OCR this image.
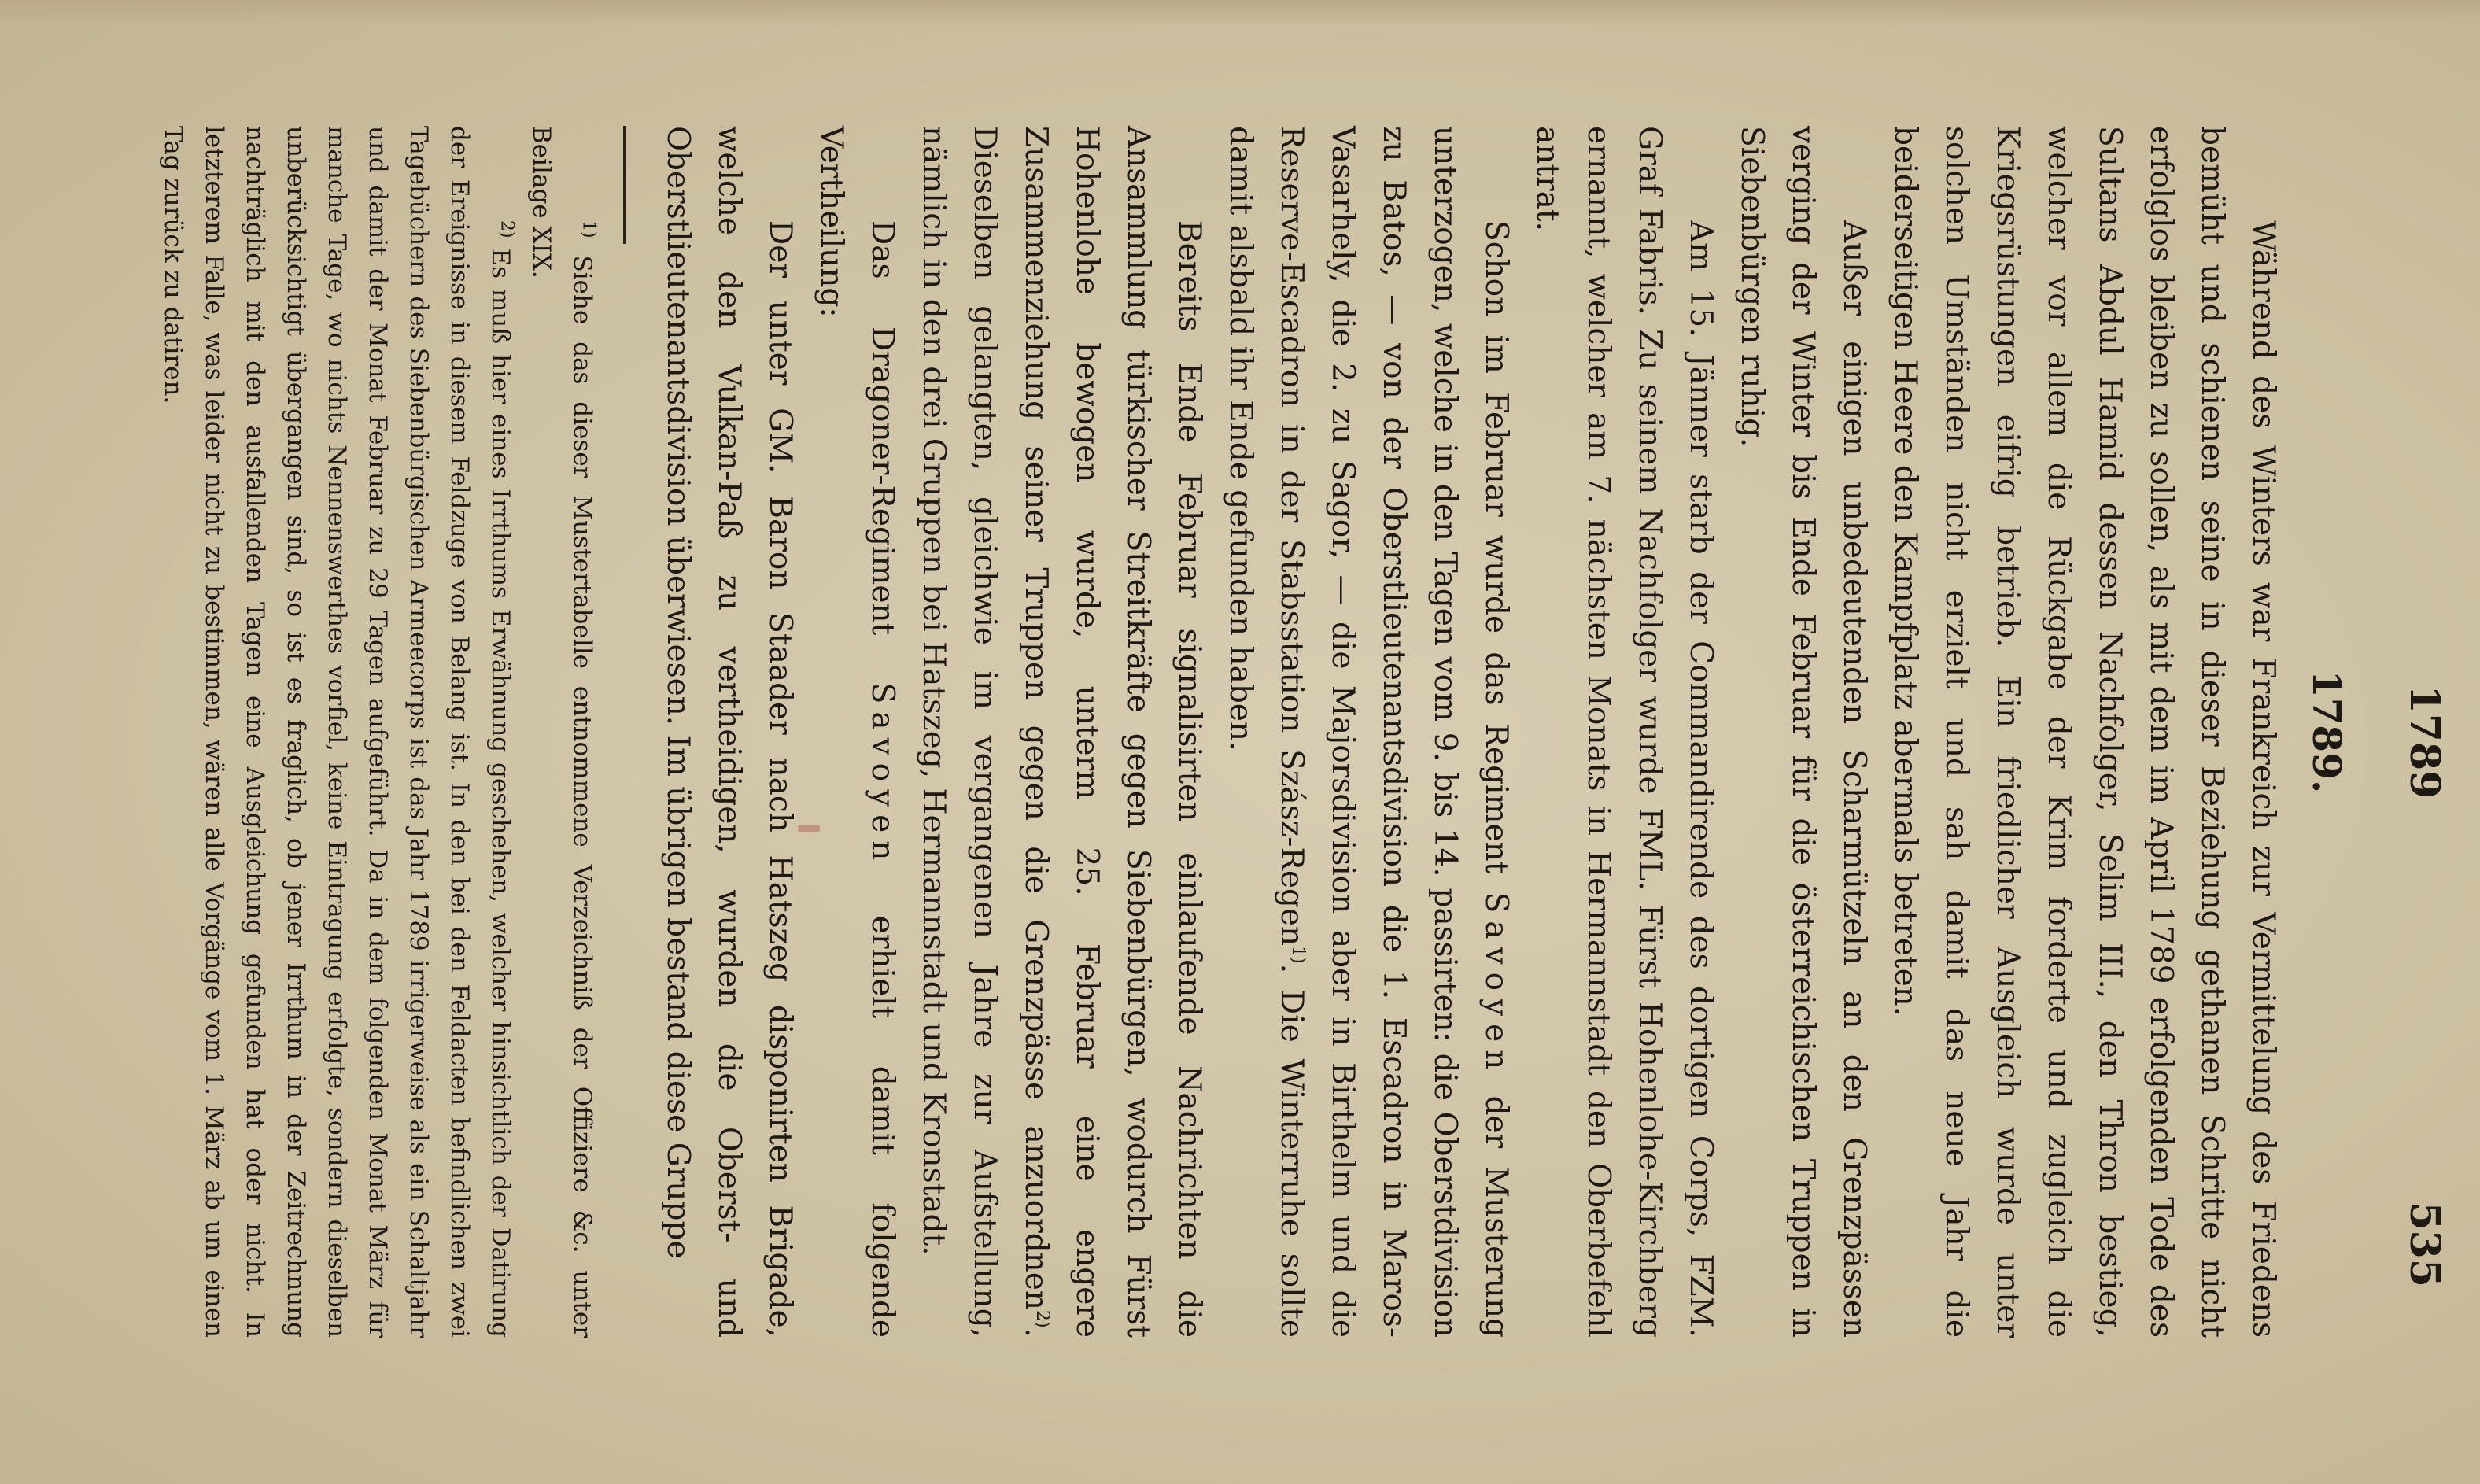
1789
535
1789.

Während des Winters war Frankreich zur Vermittelung des Friedens bemüht und schienen seine in dieser Beziehung gethanen Schritte nicht erfolglos bleiben zu sollen, als mit dem im April 1789 erfolgenden Tode des Sultans Abdul Hamid dessen Nachfolger, Selim III., den Thron bestieg, welcher vor allem die Rückgabe der Krim forderte und zugleich die Kriegsrüstungen eifrig betrieb. Ein friedlicher Ausgleich wurde unter solchen Umständen nicht erzielt und sah damit das neue Jahr die beiderseitigen Heere den Kampfplatz abermals betreten.

Außer einigen unbedeutenden Scharmützeln an den Grenzpässen verging der Winter bis Ende Februar für die österreichischen Truppen in Siebenbürgen ruhig.

Am 15. Jänner starb der Commandirende des dortigen Corps, FZM. Graf Fabris. Zu seinem Nachfolger wurde FML. Fürst Hohenlohe-Kirchberg ernannt, welcher am 7. nächsten Monats in Hermannstadt den Oberbefehl antrat.

Schon im Februar wurde das Regiment Savoyen der Musterung unterzogen, welche in den Tagen vom 9. bis 14. passirten: die Oberstdivision zu Batos, — von der Oberstlieutenantsdivision die 1. Escadron in Maros-Vasarhely, die 2. zu Sagor, — die Majorsdivision aber in Birthelm und die Reserve-Escadron in der Stabsstation Szász-Regen$^{1)}$. Die Winterruhe sollte damit alsbald ihr Ende gefunden haben.

Bereits Ende Februar signalisirten einlaufende Nachrichten die Ansammlung türkischer Streitkräfte gegen Siebenbürgen, wodurch Fürst Hohenlohe bewogen wurde, unterm 25. Februar eine engere Zusammenziehung seiner Truppen gegen die Grenzpässe anzuordnen$^{2)}$. Dieselben gelangten, gleichwie im vergangenen Jahre zur Aufstellung, nämlich in den drei Gruppen bei Hatszeg, Hermannstadt und Kronstadt.

Das Dragoner-Regiment Savoyen erhielt damit folgende Vertheilung:

Der unter GM. Baron Staader nach Hatszeg disponirten Brigade, welche den Vulkan-Paß zu vertheidigen, wurden die Oberst- und Oberstlieutenantsdivision überwiesen. Im übrigen bestand diese Gruppe

$^{1)}$ Siehe das dieser Mustertabelle entnommene Verzeichniß der Offiziere &c. unter Beilage XIX.

$^{2)}$ Es muß hier eines Irrthums Erwähnung geschehen, welcher hinsichtlich der Datirung der Ereignisse in diesem Feldzuge von Belang ist. In den bei den Feldacten befindlichen zwei Tagebüchern des Siebenbürgischen Armeecorps ist das Jahr 1789 irrigerweise als ein Schaltjahr und damit der Monat Februar zu 29 Tagen aufgeführt. Da in dem folgenden Monat März für manche Tage, wo nichts Nennenswerthes vorfiel, keine Eintragung erfolgte, sondern dieselben unberücksichtigt übergangen sind, so ist es fraglich, ob jener Irrthum in der Zeitrechnung nachträglich mit den ausfallenden Tagen eine Ausgleichung gefunden hat oder nicht. In letzterem Falle, was leider nicht zu bestimmen, wären alle Vorgänge vom 1. März ab um einen Tag zurück zu datiren.
